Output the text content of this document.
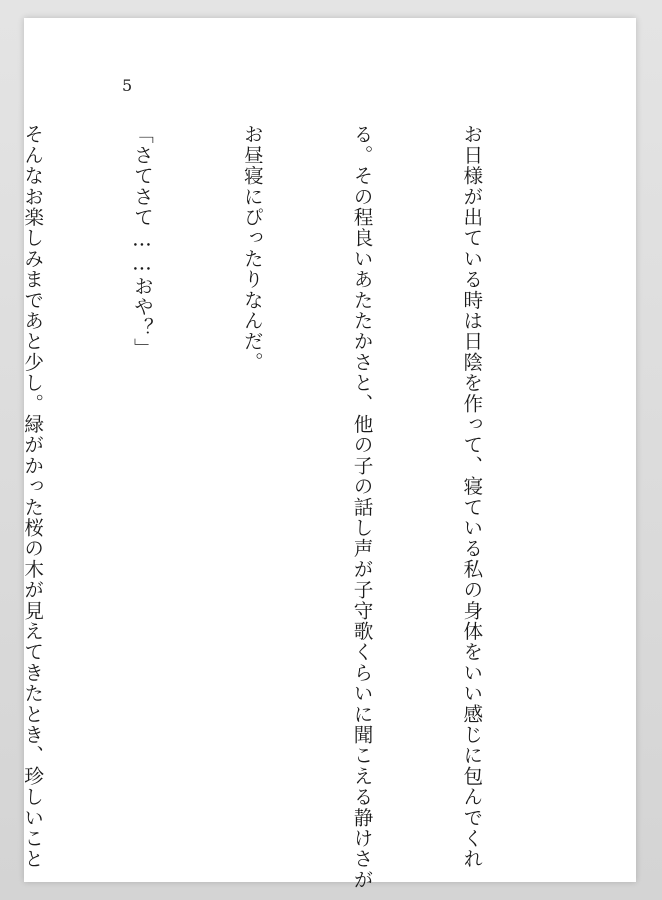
5

お日様が出ている時は日陰を作って、寝ている私の身体をいい感じに包んでくれ

る。その程良いあたたかさと、他の子の話し声が子守歌くらいに聞こえる静けさが

お昼寝にぴったりなんだ。

「さてさて……おや？」

そんなお楽しみまであと少し。緑がかった桜の木が見えてきたとき、珍しいこと
